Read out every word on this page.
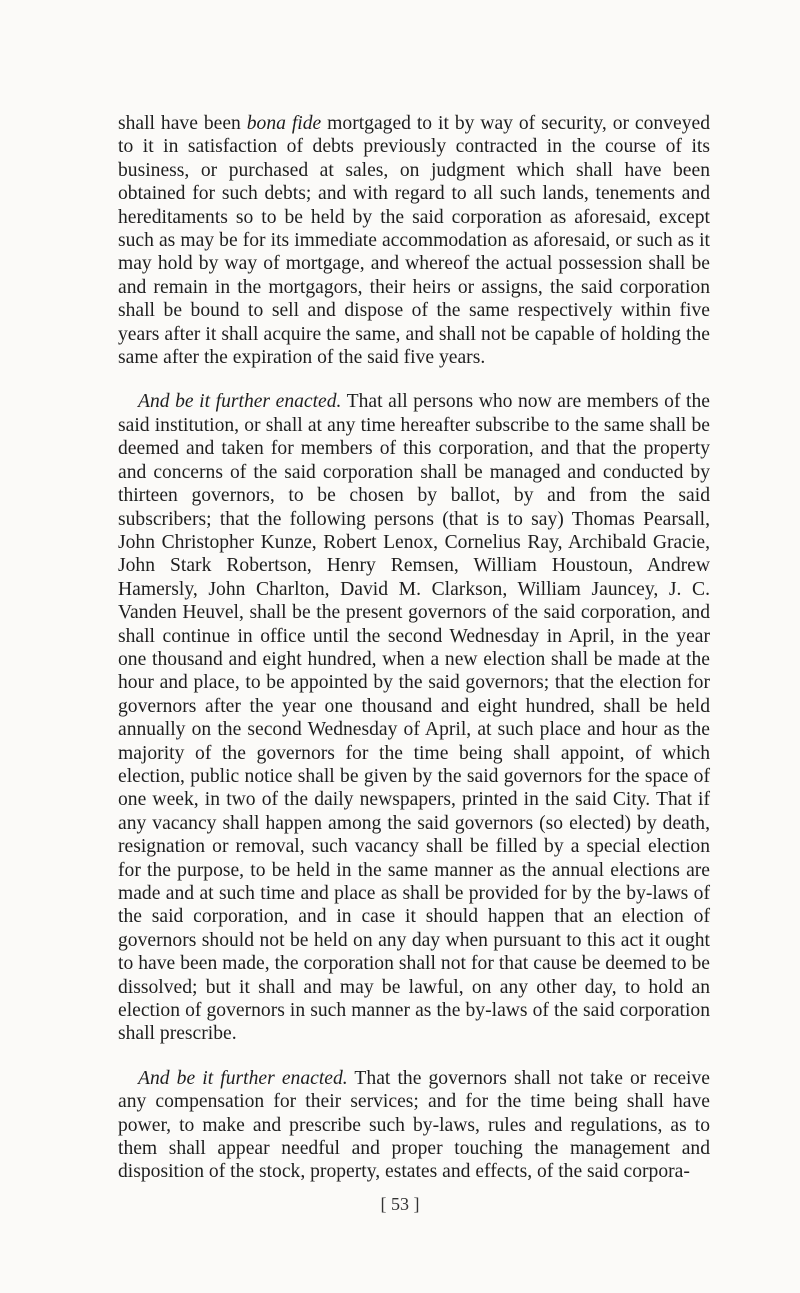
shall have been bona fide mortgaged to it by way of security, or conveyed to it in satisfaction of debts previously contracted in the course of its business, or purchased at sales, on judgment which shall have been obtained for such debts; and with regard to all such lands, tenements and hereditaments so to be held by the said corporation as aforesaid, except such as may be for its immediate accommodation as aforesaid, or such as it may hold by way of mortgage, and whereof the actual possession shall be and remain in the mortgagors, their heirs or assigns, the said corporation shall be bound to sell and dispose of the same respectively within five years after it shall acquire the same, and shall not be capable of holding the same after the expiration of the said five years.

And be it further enacted. That all persons who now are members of the said institution, or shall at any time hereafter subscribe to the same shall be deemed and taken for members of this corporation, and that the property and concerns of the said corporation shall be managed and conducted by thirteen governors, to be chosen by ballot, by and from the said subscribers; that the following persons (that is to say) Thomas Pearsall, John Christopher Kunze, Robert Lenox, Cornelius Ray, Archibald Gracie, John Stark Robertson, Henry Remsen, William Houstoun, Andrew Hamersly, John Charlton, David M. Clarkson, William Jauncey, J. C. Vanden Heuvel, shall be the present governors of the said corporation, and shall continue in office until the second Wednesday in April, in the year one thousand and eight hundred, when a new election shall be made at the hour and place, to be appointed by the said governors; that the election for governors after the year one thousand and eight hundred, shall be held annually on the second Wednesday of April, at such place and hour as the majority of the governors for the time being shall appoint, of which election, public notice shall be given by the said governors for the space of one week, in two of the daily newspapers, printed in the said City. That if any vacancy shall happen among the said governors (so elected) by death, resignation or removal, such vacancy shall be filled by a special election for the purpose, to be held in the same manner as the annual elections are made and at such time and place as shall be provided for by the by-laws of the said corporation, and in case it should happen that an election of governors should not be held on any day when pursuant to this act it ought to have been made, the corporation shall not for that cause be deemed to be dissolved; but it shall and may be lawful, on any other day, to hold an election of governors in such manner as the by-laws of the said corporation shall prescribe.

And be it further enacted. That the governors shall not take or receive any compensation for their services; and for the time being shall have power, to make and prescribe such by-laws, rules and regulations, as to them shall appear needful and proper touching the management and disposition of the stock, property, estates and effects, of the said corpora-

[ 53 ]
